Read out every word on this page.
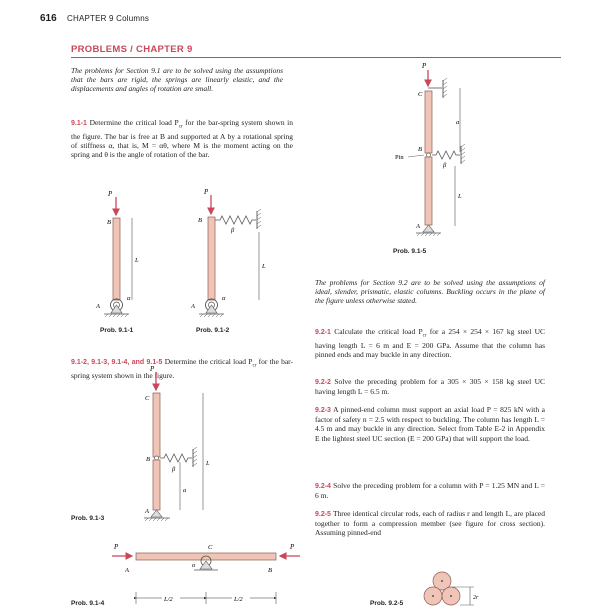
616 CHAPTER 9 Columns
PROBLEMS / CHAPTER 9
The problems for Section 9.1 are to be solved using the assumptions that the bars are rigid, the springs are linearly elastic, and the displacements and angles of rotation are small.
9.1-1 Determine the critical load $P_{cr}$ for the bar-spring system shown in the figure. The bar is free at B and supported at A by a rotational spring of stiffness α, that is, M = αθ, where M is the moment acting on the spring and θ is the angle of rotation of the bar.
9.1-2, 9.1-3, 9.1-4, and 9.1-5 Determine the critical load $P_{cr}$ for the bar-spring system shown in the figure.
The problems for Section 9.2 are to be solved using the assumptions of ideal, slender, prismatic, elastic columns. Buckling occurs in the plane of the figure unless otherwise stated.
9.2-1 Calculate the critical load $P_{cr}$ for a 254 × 254 × 167 kg steel UC having length L = 6 m and E = 200 GPa. Assume that the column has pinned ends and may buckle in any direction.
9.2-2 Solve the preceding problem for a 305 × 305 × 158 kg steel UC having length L = 6.5 m.
9.2-3 A pinned-end column must support an axial load P = 825 kN with a factor of safety n = 2.5 with respect to buckling. The column has length L = 4.5 m and may buckle in any direction. Select from Table E-2 in Appendix E the lightest steel UC section (E = 200 GPa) that will support the load.
9.2-4 Solve the preceding problem for a column with P = 1.25 MN and L = 6 m.
9.2-5 Three identical circular rods, each of radius r and length L, are placed together to form a compression member (see figure for cross section). Assuming pinned-end
Prob. 9.1-1	Prob. 9.1-2
Prob. 9.1-3
Prob. 9.1-4
Prob. 9.1-5
Prob. 9.2-5
P
B
A
α
L
P
B
β
A
α
L
P
C
B
β
A
L
a
P	P
A	B
C
α
L/2	L/2
P
C
B
Pin
β
A
a
L
2r
